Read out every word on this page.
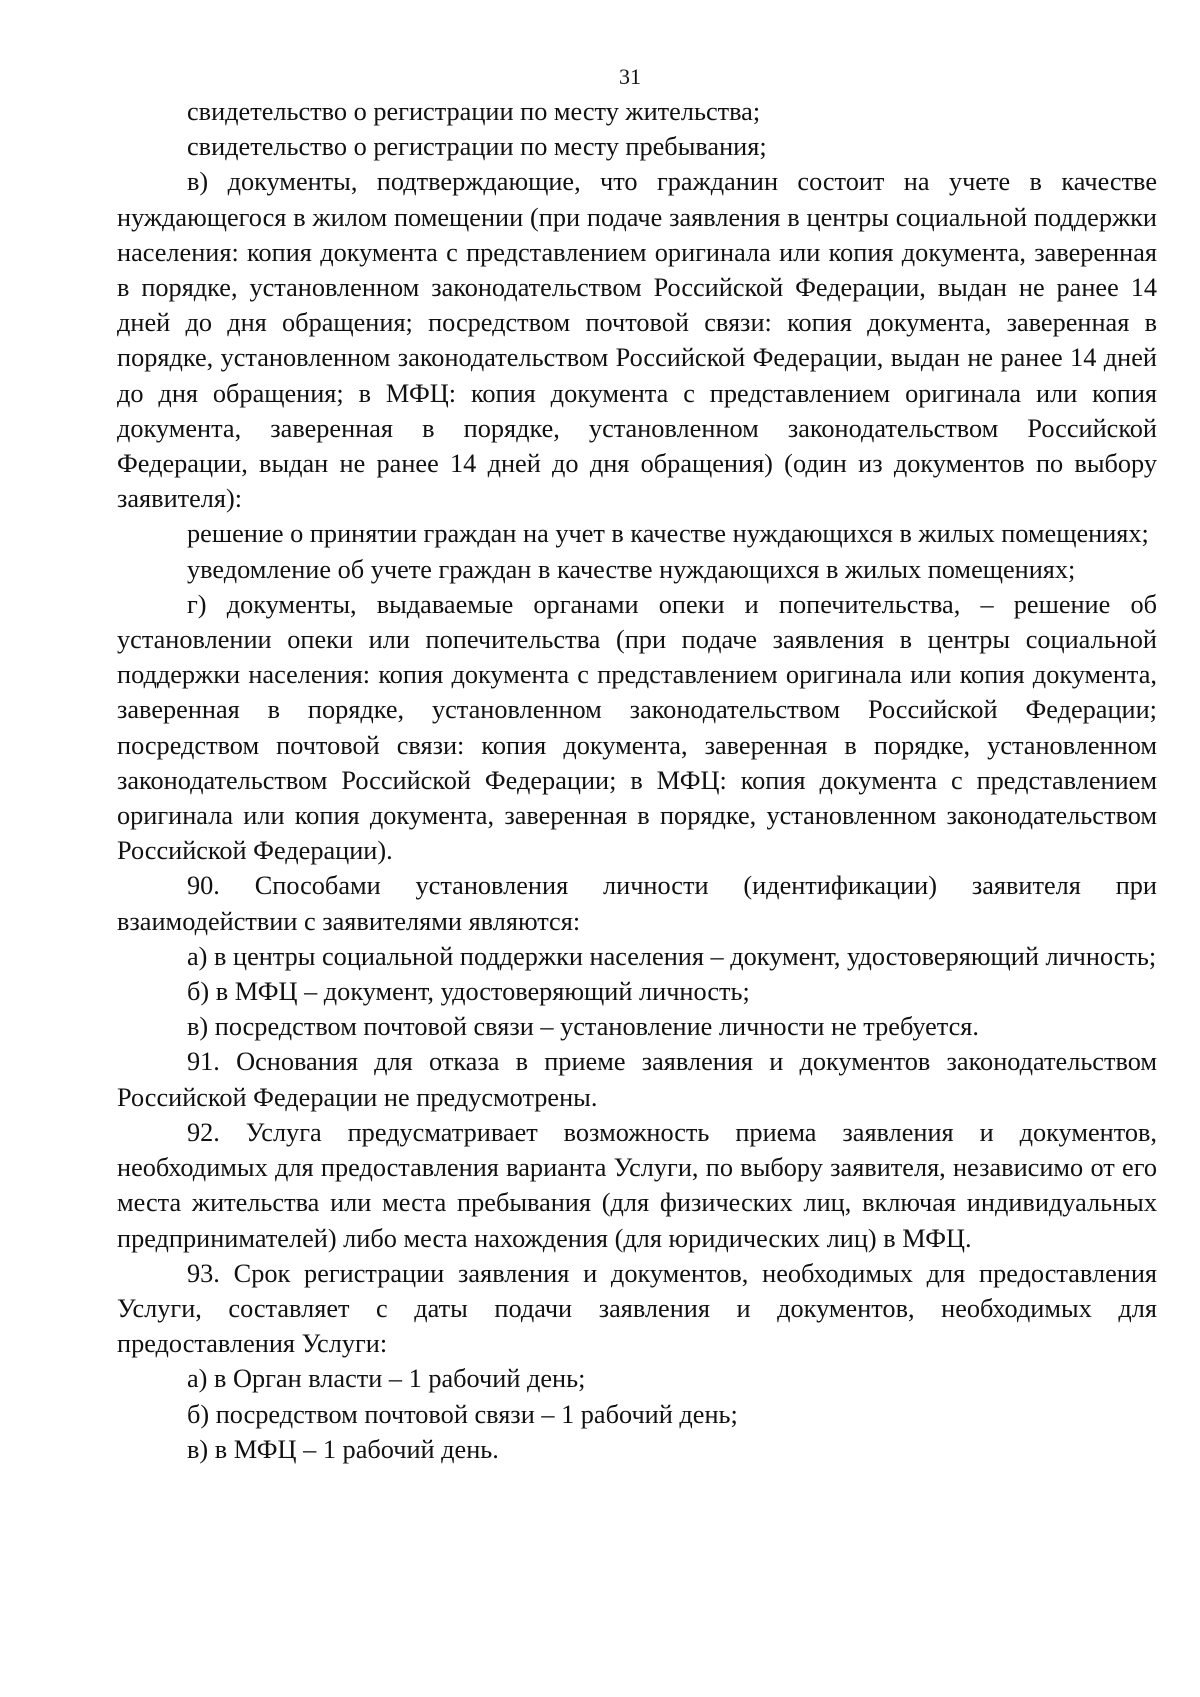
31

свидетельство о регистрации по месту жительства;

свидетельство о регистрации по месту пребывания;

в) документы, подтверждающие, что гражданин состоит на учете в качестве нуждающегося в жилом помещении (при подаче заявления в центры социальной поддержки населения: копия документа с представлением оригинала или копия документа, заверенная в порядке, установленном законодательством Российской Федерации, выдан не ранее 14 дней до дня обращения; посредством почтовой связи: копия документа, заверенная в порядке, установленном законодательством Российской Федерации, выдан не ранее 14 дней до дня обращения; в МФЦ: копия документа с представлением оригинала или копия документа, заверенная в порядке, установленном законодательством Российской Федерации, выдан не ранее 14 дней до дня обращения) (один из документов по выбору заявителя):

решение о принятии граждан на учет в качестве нуждающихся в жилых помещениях;

уведомление об учете граждан в качестве нуждающихся в жилых помещениях;

г) документы, выдаваемые органами опеки и попечительства, – решение об установлении опеки или попечительства (при подаче заявления в центры социальной поддержки населения: копия документа с представлением оригинала или копия документа, заверенная в порядке, установленном законодательством Российской Федерации; посредством почтовой связи: копия документа, заверенная в порядке, установленном законодательством Российской Федерации; в МФЦ: копия документа с представлением оригинала или копия документа, заверенная в порядке, установленном законодательством Российской Федерации).

90. Способами установления личности (идентификации) заявителя при взаимодействии с заявителями являются:

а) в центры социальной поддержки населения – документ, удостоверяющий личность;

б) в МФЦ – документ, удостоверяющий личность;

в) посредством почтовой связи – установление личности не требуется.

91. Основания для отказа в приеме заявления и документов законодательством Российской Федерации не предусмотрены.

92. Услуга предусматривает возможность приема заявления и документов, необходимых для предоставления варианта Услуги, по выбору заявителя, независимо от его места жительства или места пребывания (для физических лиц, включая индивидуальных предпринимателей) либо места нахождения (для юридических лиц) в МФЦ.

93. Срок регистрации заявления и документов, необходимых для предоставления Услуги, составляет с даты подачи заявления и документов, необходимых для предоставления Услуги:

а) в Орган власти – 1 рабочий день;

б) посредством почтовой связи – 1 рабочий день;

в) в МФЦ – 1 рабочий день.
